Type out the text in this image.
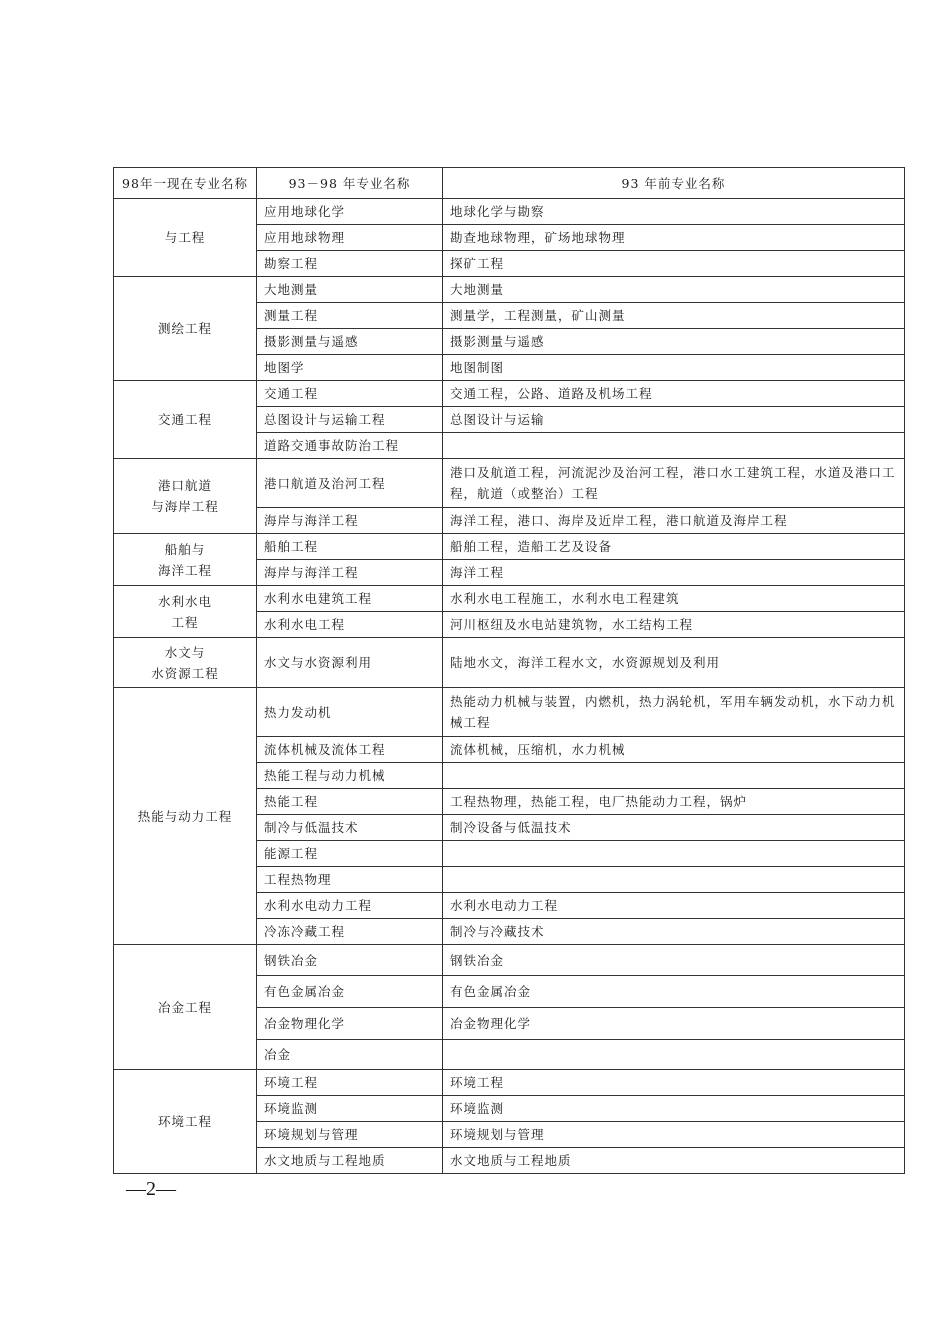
98年一现在专业名称	93－98 年专业名称	93 年前专业名称
与工程	应用地球化学	地球化学与勘察
	应用地球物理	勘查地球物理，矿场地球物理
	勘察工程	探矿工程
测绘工程	大地测量	大地测量
	测量工程	测量学，工程测量，矿山测量
	摄影测量与遥感	摄影测量与遥感
	地图学	地图制图
交通工程	交通工程	交通工程，公路、道路及机场工程
	总图设计与运输工程	总图设计与运输
	道路交通事故防治工程	
港口航道
与海岸工程	港口航道及治河工程	港口及航道工程，河流泥沙及治河工程，港口水工建筑工程，水道及港口工程，航道（或整治）工程
	海岸与海洋工程	海洋工程，港口、海岸及近岸工程，港口航道及海岸工程
船舶与
海洋工程	船舶工程	船舶工程，造船工艺及设备
	海岸与海洋工程	海洋工程
水利水电
工程	水利水电建筑工程	水利水电工程施工，水利水电工程建筑
	水利水电工程	河川枢纽及水电站建筑物，水工结构工程
水文与
水资源工程	水文与水资源利用	陆地水文，海洋工程水文，水资源规划及利用
热能与动力工程	热力发动机	热能动力机械与装置，内燃机，热力涡轮机，军用车辆发动机，水下动力机械工程
	流体机械及流体工程	流体机械，压缩机，水力机械
	热能工程与动力机械	
	热能工程	工程热物理，热能工程，电厂热能动力工程，锅炉
	制冷与低温技术	制冷设备与低温技术
	能源工程	
	工程热物理	
	水利水电动力工程	水利水电动力工程
	冷冻冷藏工程	制冷与冷藏技术
冶金工程	钢铁冶金	钢铁冶金
	有色金属冶金	有色金属冶金
	冶金物理化学	冶金物理化学
	冶金	
环境工程	环境工程	环境工程
	环境监测	环境监测
	环境规划与管理	环境规划与管理
	水文地质与工程地质	水文地质与工程地质
—2—
